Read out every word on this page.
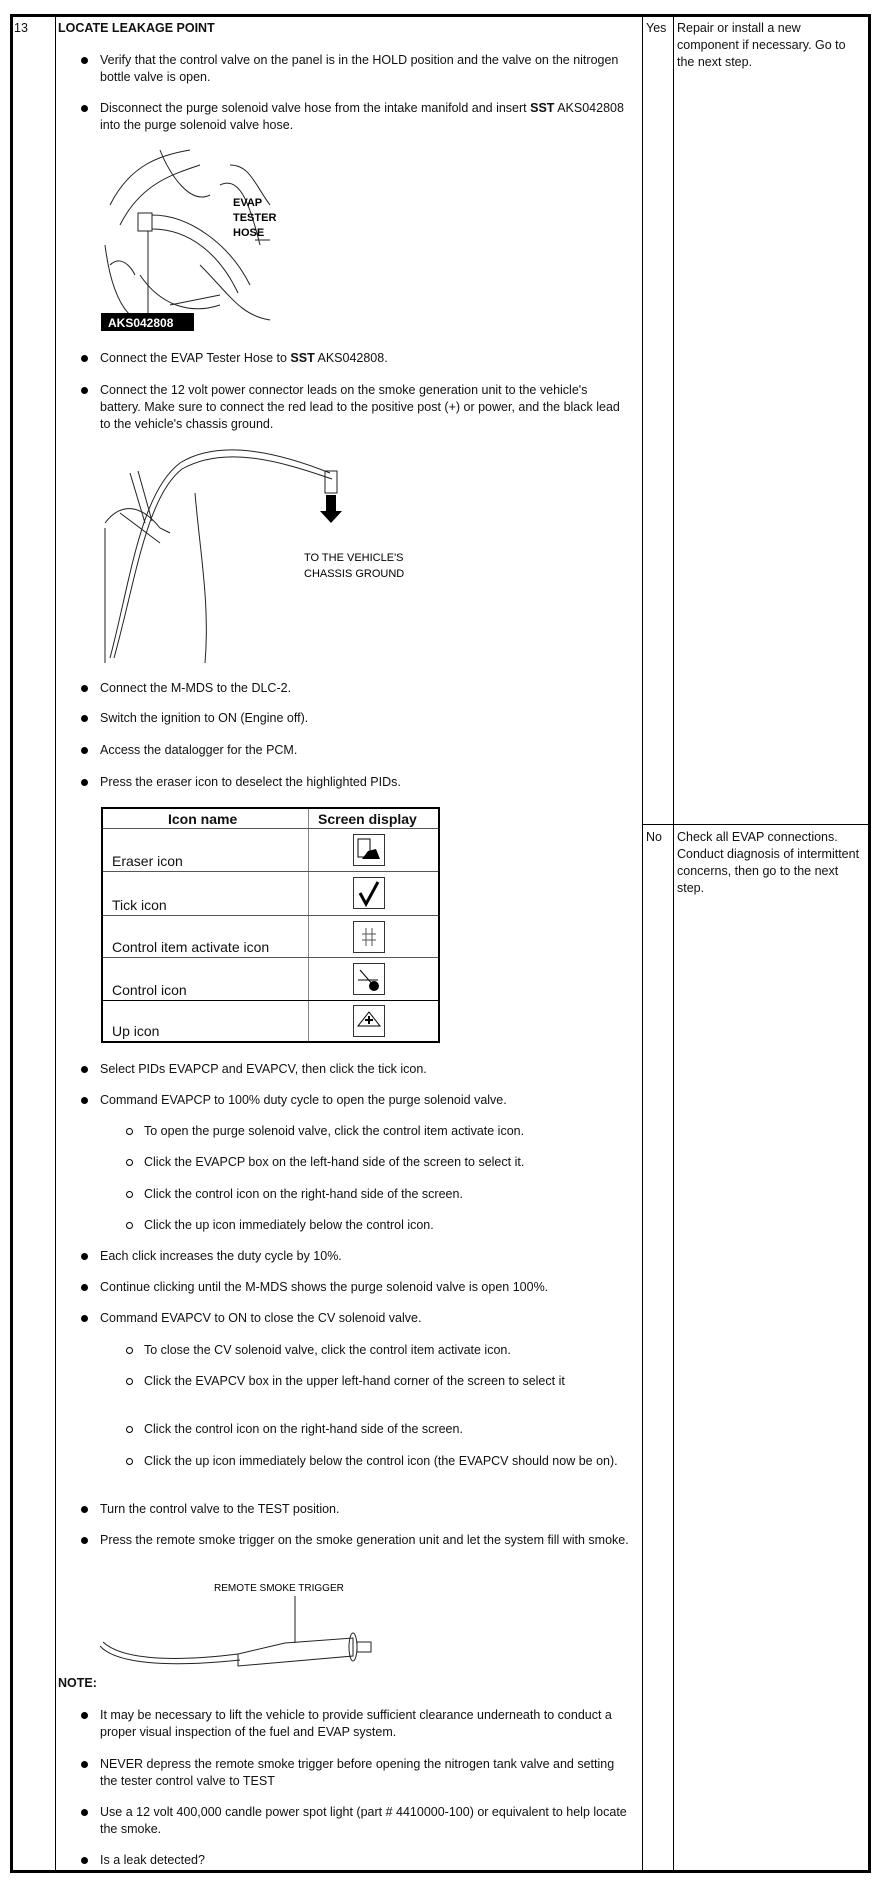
13 LOCATE LEAKAGE POINT	Yes Repair or install a new component if necessary. Go to the next step.
No Check all EVAP connections. Conduct diagnosis of intermittent concerns, then go to the next step.
Verify that the control valve on the panel is in the HOLD position and the valve on the nitrogen bottle valve is open.
Disconnect the purge solenoid valve hose from the intake manifold and insert SST AKS042808 into the purge solenoid valve hose.
Connect the EVAP Tester Hose to SST AKS042808.
Connect the 12 volt power connector leads on the smoke generation unit to the vehicle's battery. Make sure to connect the red lead to the positive post (+) or power, and the black lead to the vehicle's chassis ground.
Connect the M-MDS to the DLC-2.
Switch the ignition to ON (Engine off).
Access the datalogger for the PCM.
Press the eraser icon to deselect the highlighted PIDs.
Select PIDs EVAPCP and EVAPCV, then click the tick icon.
Command EVAPCP to 100% duty cycle to open the purge solenoid valve.
To open the purge solenoid valve, click the control item activate icon.
Click the EVAPCP box on the left-hand side of the screen to select it.
Click the control icon on the right-hand side of the screen.
Click the up icon immediately below the control icon.
Each click increases the duty cycle by 10%.
Continue clicking until the M-MDS shows the purge solenoid valve is open 100%.
Command EVAPCV to ON to close the CV solenoid valve.
To close the CV solenoid valve, click the control item activate icon.
Click the EVAPCV box in the upper left-hand corner of the screen to select it
Click the control icon on the right-hand side of the screen.
Click the up icon immediately below the control icon (the EVAPCV should now be on).
Turn the control valve to the TEST position.
Press the remote smoke trigger on the smoke generation unit and let the system fill with smoke.
EVAP
TESTER
HOSE
AKS042808
TO THE VEHICLE'S
CHASSIS GROUND
Icon name	Screen display
Eraser icon
Tick icon
Control item activate icon
Control icon
Up icon
REMOTE SMOKE TRIGGER
NOTE:
It may be necessary to lift the vehicle to provide sufficient clearance underneath to conduct a proper visual inspection of the fuel and EVAP system.
NEVER depress the remote smoke trigger before opening the nitrogen tank valve and setting the tester control valve to TEST
Use a 12 volt 400,000 candle power spot light (part # 4410000-100) or equivalent to help locate the smoke.
Is a leak detected?
